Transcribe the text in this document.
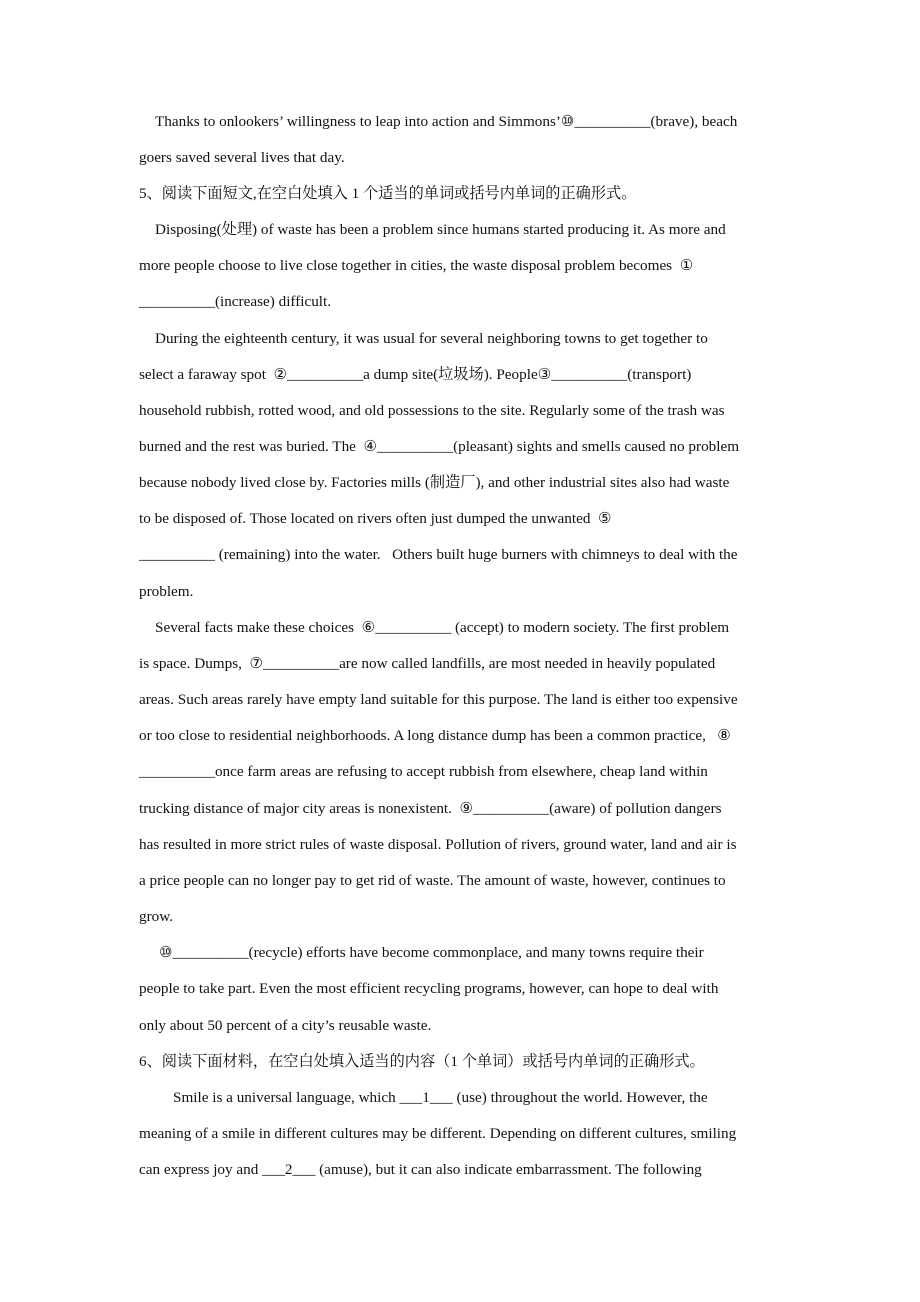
Thanks to onlookers’ willingness to leap into action and Simmons’⑩__________(brave), beach
goers saved several lives that day.
5、阅读下面短文,在空白处填入 1 个适当的单词或括号内单词的正确形式。
Disposing(处理) of waste has been a problem since humans started producing it. As more and
more people choose to live close together in cities, the waste disposal problem becomes  ①
__________(increase) difficult.
During the eighteenth century, it was usual for several neighboring towns to get together to
select a faraway spot  ②__________a dump site(垃圾场). People③__________(transport)
household rubbish, rotted wood, and old possessions to the site. Regularly some of the trash was
burned and the rest was buried. The  ④__________(pleasant) sights and smells caused no problem
because nobody lived close by. Factories mills (制造厂), and other industrial sites also had waste
to be disposed of. Those located on rivers often just dumped the unwanted  ⑤
__________ (remaining) into the water.   Others built huge burners with chimneys to deal with the
problem.
Several facts make these choices  ⑥__________ (accept) to modern society. The first problem
is space. Dumps,  ⑦__________are now called landfills, are most needed in heavily populated
areas. Such areas rarely have empty land suitable for this purpose. The land is either too expensive
or too close to residential neighborhoods. A long distance dump has been a common practice,   ⑧
__________once farm areas are refusing to accept rubbish from elsewhere, cheap land within
trucking distance of major city areas is nonexistent.  ⑨__________(aware) of pollution dangers
has resulted in more strict rules of waste disposal. Pollution of rivers, ground water, land and air is
a price people can no longer pay to get rid of waste. The amount of waste, however, continues to
grow.
⑩__________(recycle) efforts have become commonplace, and many towns require their
people to take part. Even the most efficient recycling programs, however, can hope to deal with
only about 50 percent of a city’s reusable waste.
6、阅读下面材料，在空白处填入适当的内容（1 个单词）或括号内单词的正确形式。
Smile is a universal language, which ___1___ (use) throughout the world. However, the
meaning of a smile in different cultures may be different. Depending on different cultures, smiling
can express joy and ___2___ (amuse), but it can also indicate embarrassment. The following
